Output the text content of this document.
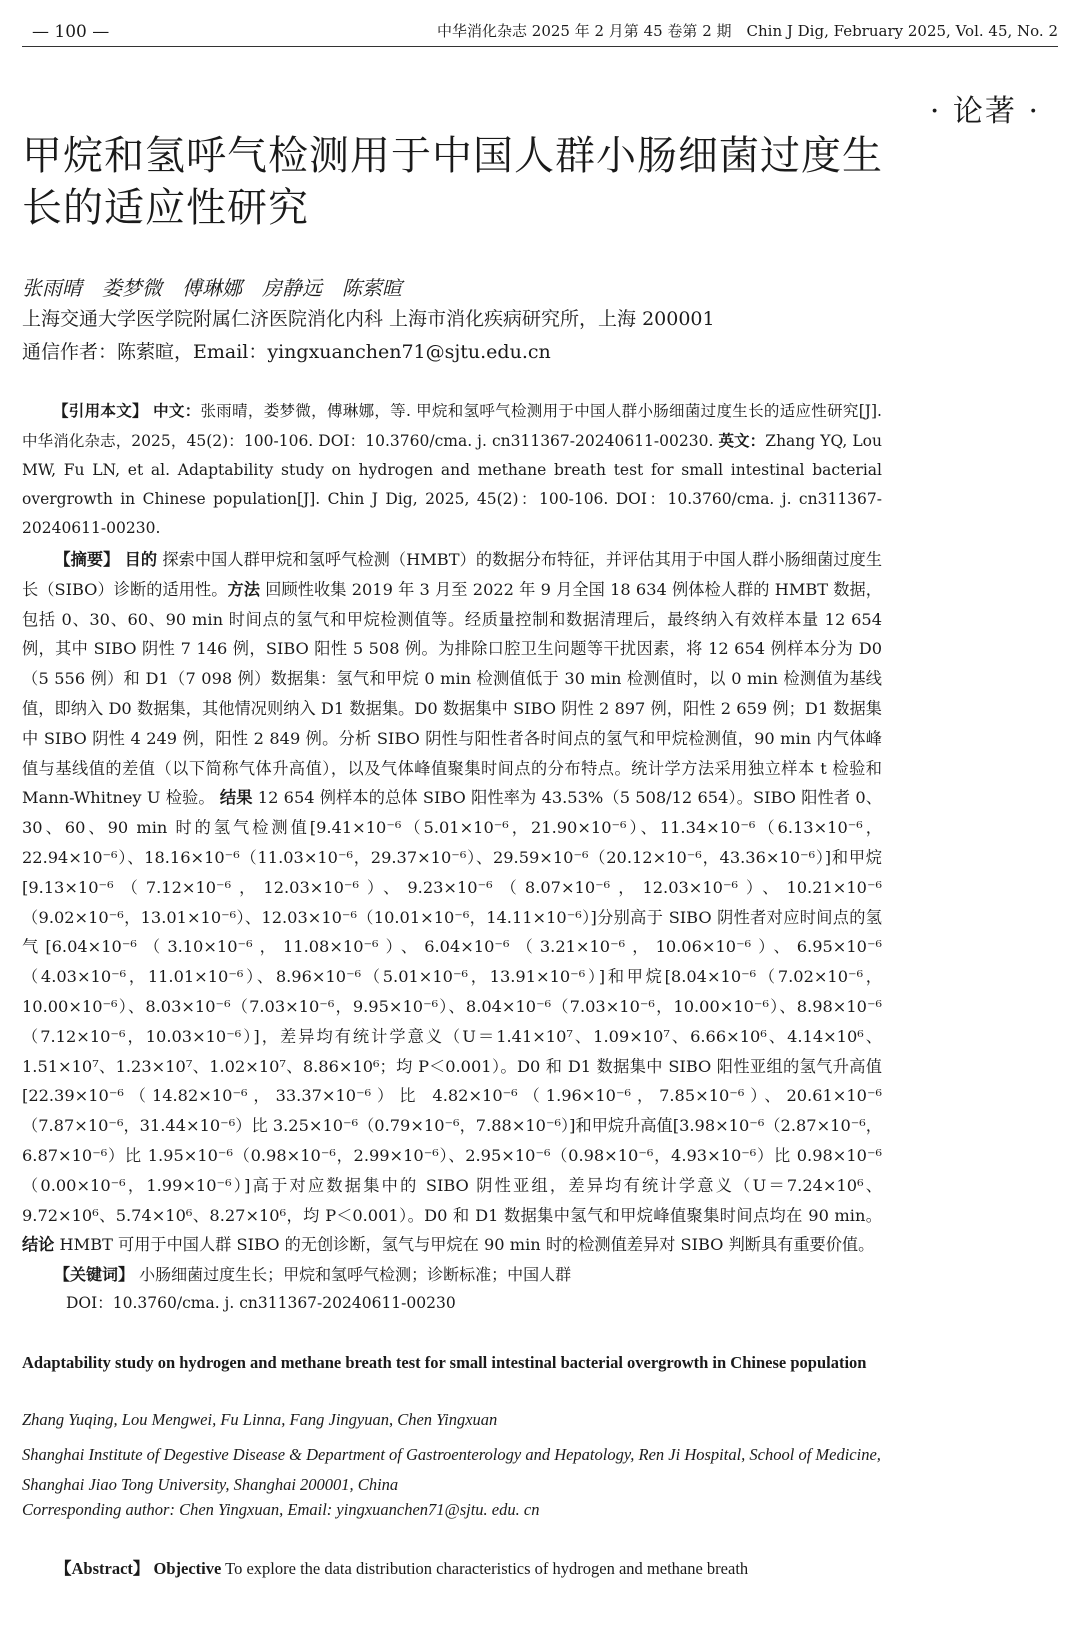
— 100 —	中华消化杂志 2025 年 2 月第 45 卷第 2 期　Chin J Dig, February 2025, Vol. 45, No. 2
· 论著 ·
甲烷和氢呼气检测用于中国人群小肠细菌过度生长的适应性研究
张雨晴　娄梦微　傅琳娜　房静远　陈萦暄
上海交通大学医学院附属仁济医院消化内科 上海市消化疾病研究所，上海 200001
通信作者：陈萦暄，Email：yingxuanchen71@sjtu.edu.cn

【引用本文】 中文：张雨晴，娄梦微，傅琳娜，等. 甲烷和氢呼气检测用于中国人群小肠细菌过度生长的适应性研究[J]. 中华消化杂志，2025，45(2)：100-106. DOI：10.3760/cma. j. cn311367-20240611-00230. 英文：Zhang YQ, Lou MW, Fu LN, et al. Adaptability study on hydrogen and methane breath test for small intestinal bacterial overgrowth in Chinese population[J]. Chin J Dig, 2025, 45(2)：100-106. DOI：10.3760/cma. j. cn311367-20240611-00230.

【摘要】 目的 探索中国人群甲烷和氢呼气检测（HMBT）的数据分布特征，并评估其用于中国人群小肠细菌过度生长（SIBO）诊断的适用性。方法 回顾性收集 2019 年 3 月至 2022 年 9 月全国 18 634 例体检人群的 HMBT 数据，包括 0、30、60、90 min 时间点的氢气和甲烷检测值等。经质量控制和数据清理后，最终纳入有效样本量 12 654 例，其中 SIBO 阴性 7 146 例，SIBO 阳性 5 508 例。为排除口腔卫生问题等干扰因素，将 12 654 例样本分为 D0（5 556 例）和 D1（7 098 例）数据集：氢气和甲烷 0 min 检测值低于 30 min 检测值时，以 0 min 检测值为基线值，即纳入 D0 数据集，其他情况则纳入 D1 数据集。D0 数据集中 SIBO 阴性 2 897 例，阳性 2 659 例；D1 数据集中 SIBO 阴性 4 249 例，阳性 2 849 例。分析 SIBO 阴性与阳性者各时间点的氢气和甲烷检测值，90 min 内气体峰值与基线值的差值（以下简称气体升高值），以及气体峰值聚集时间点的分布特点。统计学方法采用独立样本 t 检验和 Mann-Whitney U 检验。 结果 12 654 例样本的总体 SIBO 阳性率为 43.53%（5 508/12 654）。SIBO 阳性者 0、30、60、90 min 时的氢气检测值[9.41×10⁻⁶（5.01×10⁻⁶，21.90×10⁻⁶）、11.34×10⁻⁶（6.13×10⁻⁶，22.94×10⁻⁶）、18.16×10⁻⁶（11.03×10⁻⁶，29.37×10⁻⁶）、29.59×10⁻⁶（20.12×10⁻⁶，43.36×10⁻⁶）]和甲烷[9.13×10⁻⁶（7.12×10⁻⁶，12.03×10⁻⁶）、9.23×10⁻⁶（8.07×10⁻⁶，12.03×10⁻⁶）、10.21×10⁻⁶（9.02×10⁻⁶，13.01×10⁻⁶）、12.03×10⁻⁶（10.01×10⁻⁶，14.11×10⁻⁶）]分别高于 SIBO 阴性者对应时间点的氢气[6.04×10⁻⁶（3.10×10⁻⁶，11.08×10⁻⁶）、6.04×10⁻⁶（3.21×10⁻⁶，10.06×10⁻⁶）、6.95×10⁻⁶（4.03×10⁻⁶，11.01×10⁻⁶）、8.96×10⁻⁶（5.01×10⁻⁶，13.91×10⁻⁶）]和甲烷[8.04×10⁻⁶（7.02×10⁻⁶，10.00×10⁻⁶）、8.03×10⁻⁶（7.03×10⁻⁶，9.95×10⁻⁶）、8.04×10⁻⁶（7.03×10⁻⁶，10.00×10⁻⁶）、8.98×10⁻⁶（7.12×10⁻⁶，10.03×10⁻⁶）]，差异均有统计学意义（U＝1.41×10⁷、1.09×10⁷、6.66×10⁶、4.14×10⁶、1.51×10⁷、1.23×10⁷、1.02×10⁷、8.86×10⁶；均 P＜0.001）。D0 和 D1 数据集中 SIBO 阳性亚组的氢气升高值[22.39×10⁻⁶（14.82×10⁻⁶，33.37×10⁻⁶）比 4.82×10⁻⁶（1.96×10⁻⁶，7.85×10⁻⁶）、20.61×10⁻⁶（7.87×10⁻⁶，31.44×10⁻⁶）比 3.25×10⁻⁶（0.79×10⁻⁶，7.88×10⁻⁶）]和甲烷升高值[3.98×10⁻⁶（2.87×10⁻⁶，6.87×10⁻⁶）比 1.95×10⁻⁶（0.98×10⁻⁶，2.99×10⁻⁶）、2.95×10⁻⁶（0.98×10⁻⁶，4.93×10⁻⁶）比 0.98×10⁻⁶（0.00×10⁻⁶，1.99×10⁻⁶）]高于对应数据集中的 SIBO 阴性亚组，差异均有统计学意义（U＝7.24×10⁶、9.72×10⁶、5.74×10⁶、8.27×10⁶，均 P＜0.001）。D0 和 D1 数据集中氢气和甲烷峰值聚集时间点均在 90 min。结论 HMBT 可用于中国人群 SIBO 的无创诊断，氢气与甲烷在 90 min 时的检测值差异对 SIBO 判断具有重要价值。

【关键词】 小肠细菌过度生长；甲烷和氢呼气检测；诊断标准；中国人群

DOI：10.3760/cma. j. cn311367-20240611-00230

Adaptability study on hydrogen and methane breath test for small intestinal bacterial overgrowth in Chinese population

Zhang Yuqing, Lou Mengwei, Fu Linna, Fang Jingyuan, Chen Yingxuan
Shanghai Institute of Degestive Disease & Department of Gastroenterology and Hepatology, Ren Ji Hospital, School of Medicine, Shanghai Jiao Tong University, Shanghai 200001, China
Corresponding author: Chen Yingxuan, Email: yingxuanchen71@sjtu. edu. cn

【Abstract】 Objective To explore the data distribution characteristics of hydrogen and methane breath
